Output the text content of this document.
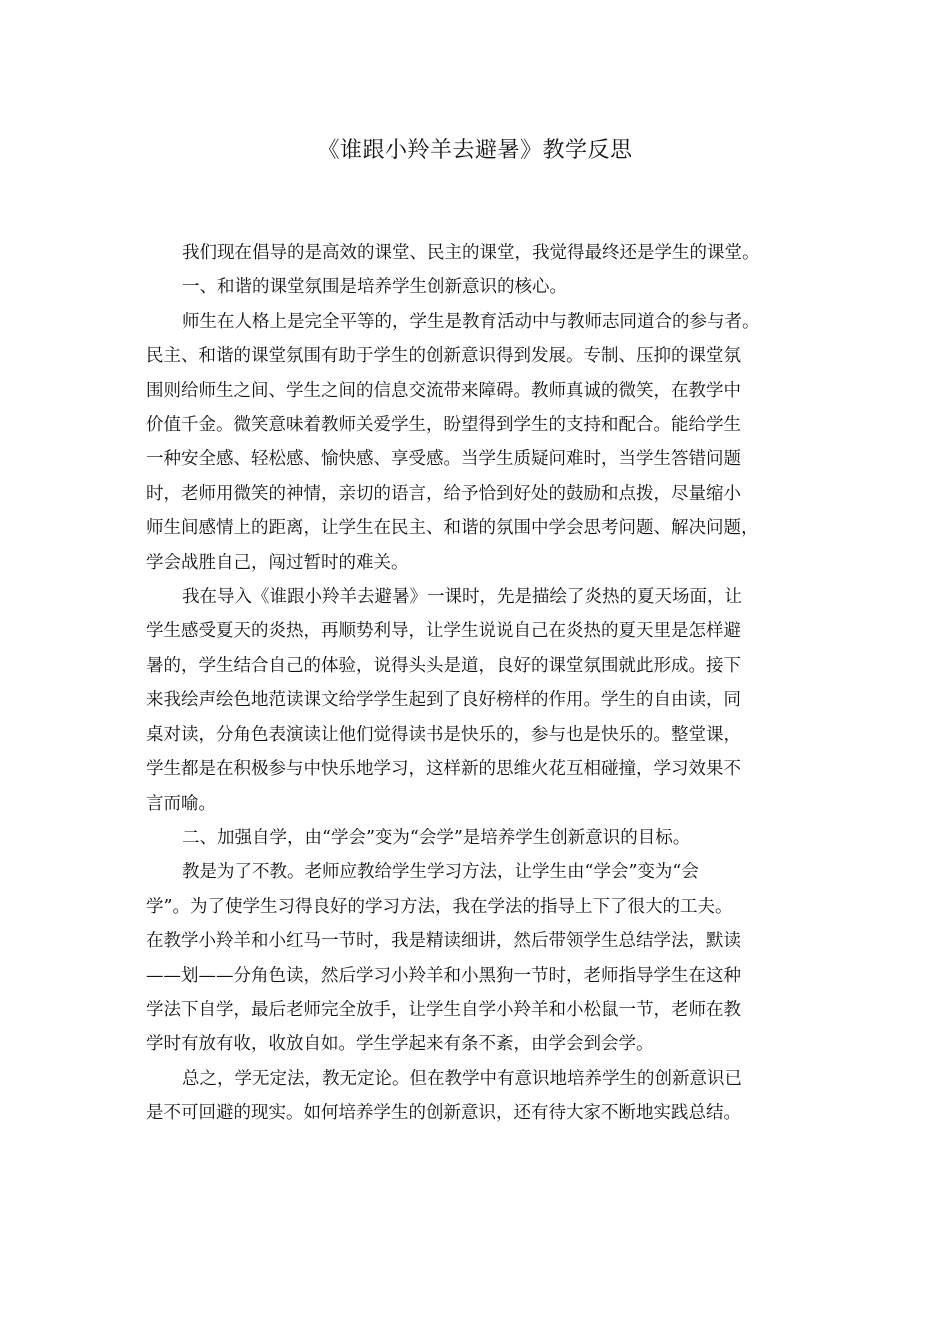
《谁跟小羚羊去避暑》教学反思

我们现在倡导的是高效的课堂、民主的课堂，我觉得最终还是学生的课堂。

一、和谐的课堂氛围是培养学生创新意识的核心。

师生在人格上是完全平等的，学生是教育活动中与教师志同道合的参与者。
民主、和谐的课堂氛围有助于学生的创新意识得到发展。专制、压抑的课堂氛
围则给师生之间、学生之间的信息交流带来障碍。教师真诚的微笑，在教学中
价值千金。微笑意味着教师关爱学生，盼望得到学生的支持和配合。能给学生
一种安全感、轻松感、愉快感、享受感。当学生质疑问难时，当学生答错问题
时，老师用微笑的神情，亲切的语言，给予恰到好处的鼓励和点拨，尽量缩小
师生间感情上的距离，让学生在民主、和谐的氛围中学会思考问题、解决问题，
学会战胜自己，闯过暂时的难关。

我在导入《谁跟小羚羊去避暑》一课时，先是描绘了炎热的夏天场面，让
学生感受夏天的炎热，再顺势利导，让学生说说自己在炎热的夏天里是怎样避
暑的，学生结合自己的体验，说得头头是道，良好的课堂氛围就此形成。接下
来我绘声绘色地范读课文给学学生起到了良好榜样的作用。学生的自由读，同
桌对读，分角色表演读让他们觉得读书是快乐的，参与也是快乐的。整堂课，
学生都是在积极参与中快乐地学习，这样新的思维火花互相碰撞，学习效果不
言而喻。

二、加强自学，由“学会”变为“会学”是培养学生创新意识的目标。

教是为了不教。老师应教给学生学习方法，让学生由“学会”变为“会
学”。为了使学生习得良好的学习方法，我在学法的指导上下了很大的工夫。
在教学小羚羊和小红马一节时，我是精读细讲，然后带领学生总结学法，默读
——划——分角色读，然后学习小羚羊和小黑狗一节时，老师指导学生在这种
学法下自学，最后老师完全放手，让学生自学小羚羊和小松鼠一节，老师在教
学时有放有收，收放自如。学生学起来有条不紊，由学会到会学。

总之，学无定法，教无定论。但在教学中有意识地培养学生的创新意识已
是不可回避的现实。如何培养学生的创新意识，还有待大家不断地实践总结。
